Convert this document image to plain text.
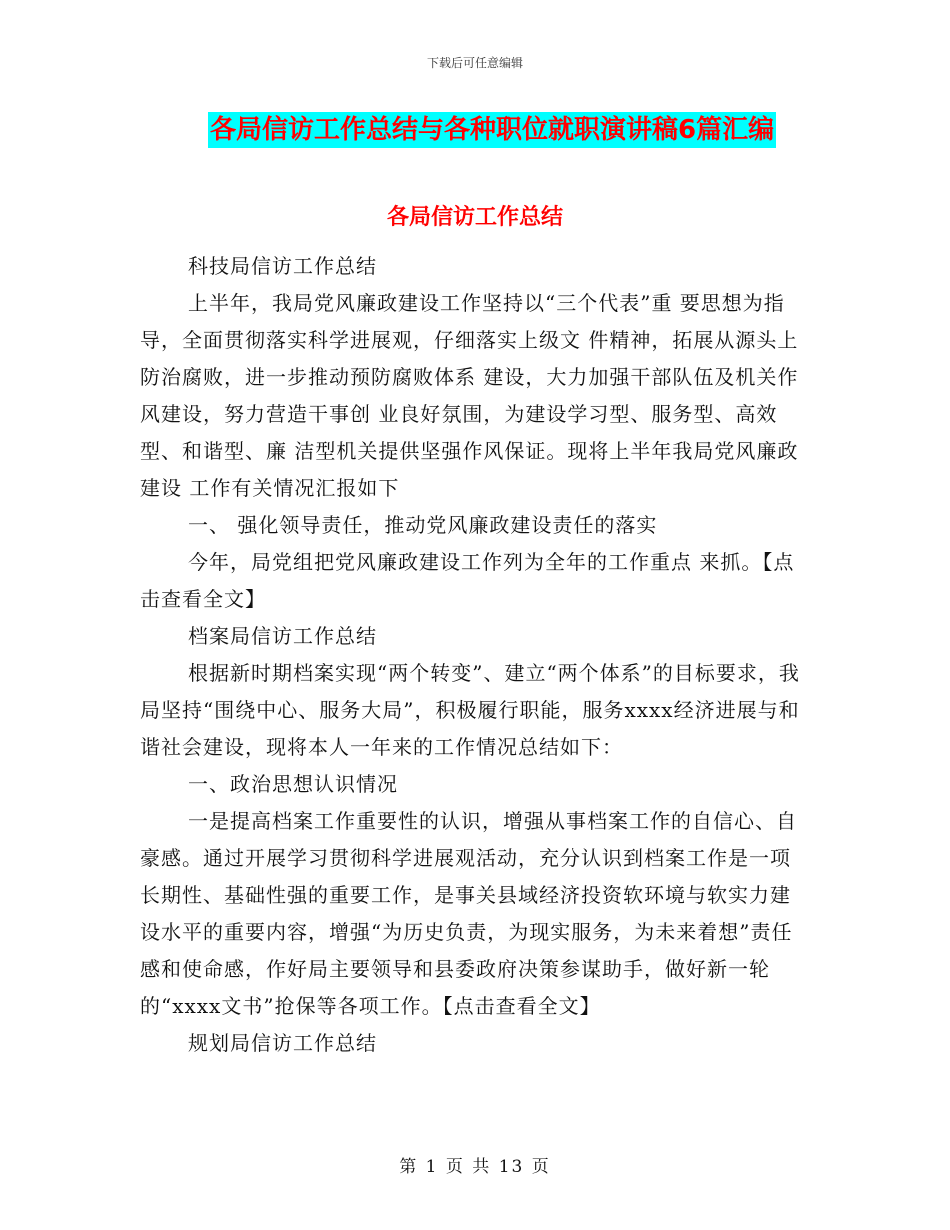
下载后可任意编辑
各局信访工作总结与各种职位就职演讲稿6篇汇编
各局信访工作总结

科技局信访工作总结

上半年，我局党风廉政建设工作坚持以“三个代表”重 要思想为指导，全面贯彻落实科学进展观，仔细落实上级文 件精神，拓展从源头上防治腐败，进一步推动预防腐败体系 建设，大力加强干部队伍及机关作风建设，努力营造干事创 业良好氛围，为建设学习型、服务型、高效型、和谐型、廉 洁型机关提供坚强作风保证。现将上半年我局党风廉政建设 工作有关情况汇报如下

一、 强化领导责任，推动党风廉政建设责任的落实

今年，局党组把党风廉政建设工作列为全年的工作重点 来抓。【点击查看全文】

档案局信访工作总结

根据新时期档案实现“两个转变”、建立“两个体系”的目标要求，我局坚持“围绕中心、服务大局”，积极履行职能，服务xxxx经济进展与和谐社会建设，现将本人一年来的工作情况总结如下：

一、政治思想认识情况

一是提高档案工作重要性的认识，增强从事档案工作的自信心、自豪感。通过开展学习贯彻科学进展观活动，充分认识到档案工作是一项长期性、基础性强的重要工作，是事关县域经济投资软环境与软实力建设水平的重要内容，增强“为历史负责，为现实服务，为未来着想”责任感和使命感，作好局主要领导和县委政府决策参谋助手，做好新一轮的“xxxx文书”抢保等各项工作。【点击查看全文】

规划局信访工作总结

第 1 页 共 13 页
